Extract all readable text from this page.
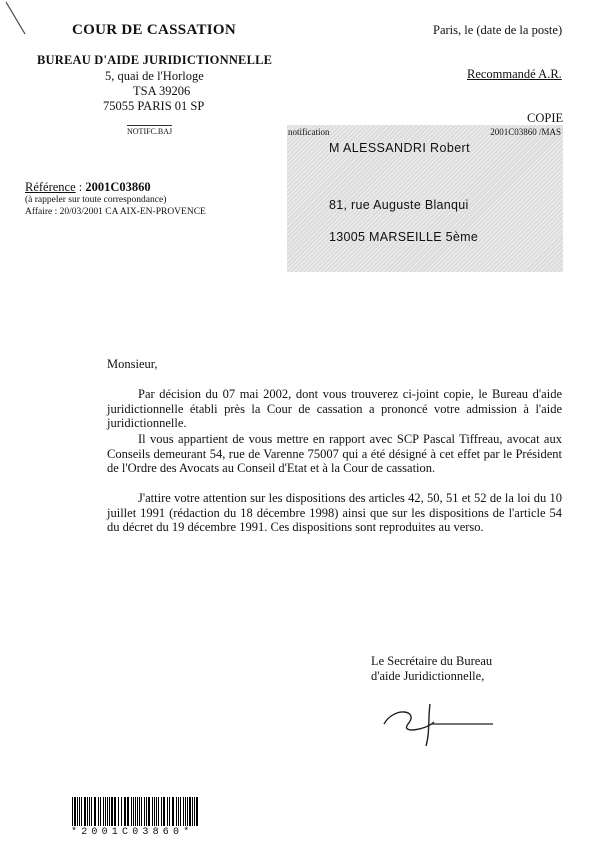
COUR DE CASSATION
BUREAU D'AIDE JURIDICTIONNELLE
5, quai de l'Horloge
TSA 39206
75055 PARIS 01 SP
NOTIFC.BAJ
Paris, le (date de la poste)
Recommandé A.R.
COPIE
notification	2001C03860 /MAS
M ALESSANDRI Robert
81, rue Auguste Blanqui
13005 MARSEILLE 5ème
Référence : 2001C03860
(à rappeler sur toute correspondance)
Affaire : 20/03/2001 CA AIX-EN-PROVENCE
Monsieur,

Par décision du 07 mai 2002, dont vous trouverez ci-joint copie, le Bureau d'aide juridictionnelle établi près la Cour de cassation a prononcé votre admission à l'aide juridictionnelle.

Il vous appartient de vous mettre en rapport avec SCP Pascal Tiffreau, avocat aux Conseils demeurant 54, rue de Varenne 75007 qui a été désigné à cet effet par le Président de l'Ordre des Avocats au Conseil d'Etat et à la Cour de cassation.

J'attire votre attention sur les dispositions des articles 42, 50, 51 et 52 de la loi du 10 juillet 1991 (rédaction du 18 décembre 1998) ainsi que sur les dispositions de l'article 54 du décret du 19 décembre 1991. Ces dispositions sont reproduites au verso.

Le Secrétaire du Bureau
d'aide Juridictionnelle,
*2001C03860*
